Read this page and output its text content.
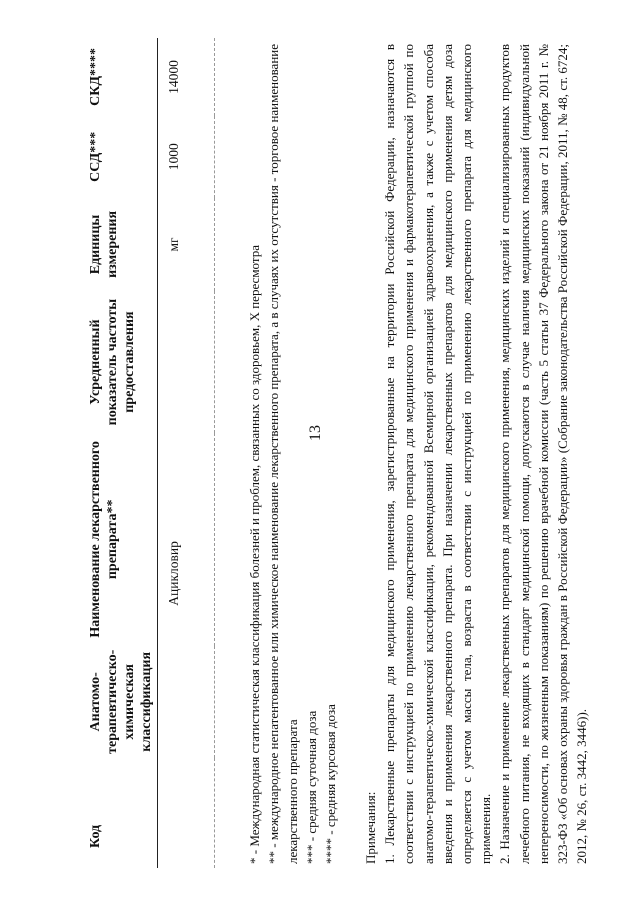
13
Код	Анатомо-терапевтическо-химическая классификация	Наименование лекарственного препарата**	Усредненный показатель частоты предоставления	Единицы измерения	ССД***	СКД****
		Ацикловир		мг	1000	14000
* - Международная статистическая классификация болезней и проблем, связанных со здоровьем, X пересмотра ** - международное непатентованное или химическое наименование лекарственного препарата, а в случаях их отсутствия - торговое наименование лекарственного препарата *** - средняя суточная доза **** - средняя курсовая доза Примечания: 1. Лекарственные препараты для медицинского применения, зарегистрированные на территории Российской Федерации, назначаются в соответствии с инструкцией по применению лекарственного препарата для медицинского применения и фармакотерапевтической группой по анатомо-терапевтическо-химической классификации, рекомендованной Всемирной организацией здравоохранения, а также с учетом способа введения и применения лекарственного препарата. При назначении лекарственных препаратов для медицинского применения детям доза определяется с учетом массы тела, возраста в соответствии с инструкцией по применению лекарственного препарата для медицинского применения. 2. Назначение и применение лекарственных препаратов для медицинского применения, медицинских изделий и специализированных продуктов лечебного питания, не входящих в стандарт медицинской помощи, допускаются в случае наличия медицинских показаний (индивидуальной непереносимости, по жизненным показаниям) по решению врачебной комиссии (часть 5 статьи 37 Федерального закона от 21 ноября 2011 г. № 323-ФЗ «Об основах охраны здоровья граждан в Российской Федерации» (Собрание законодательства Российской Федерации, 2011, № 48, ст. 6724; 2012, № 26, ст. 3442, 3446)).
